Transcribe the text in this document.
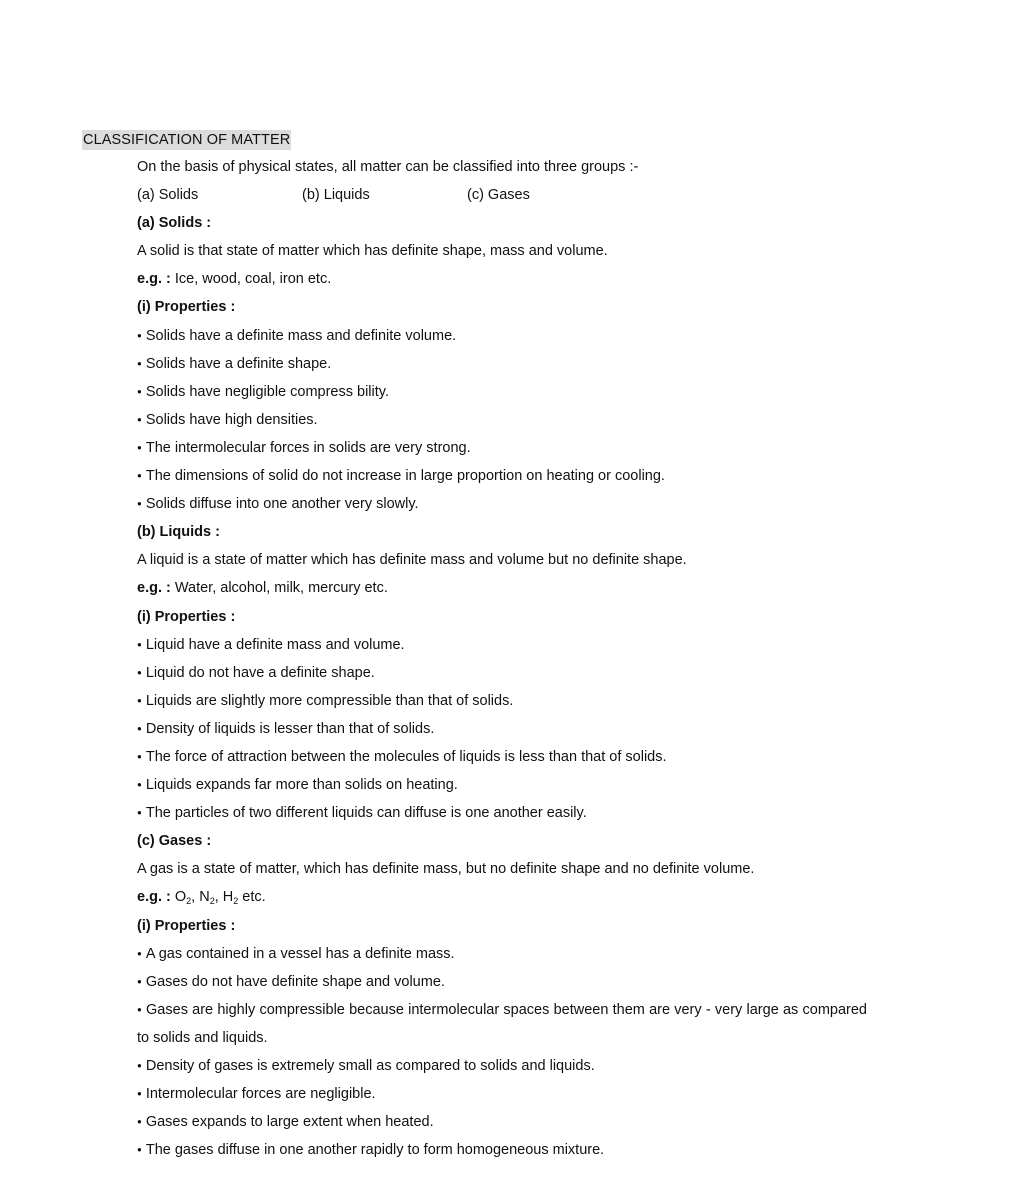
CLASSIFICATION OF MATTER
On the basis of physical states, all matter can be classified into three groups :-
(a) Solids	(b) Liquids	(c) Gases
(a) Solids :
A solid is that state of matter which has definite shape, mass and volume.
e.g. : Ice, wood, coal, iron etc.
(i) Properties :
● Solids have a definite mass and definite volume.
● Solids have a definite shape.
● Solids have negligible compress bility.
● Solids have high densities.
● The intermolecular forces in solids are very strong.
● The dimensions of solid do not increase in large proportion on heating or cooling.
● Solids diffuse into one another very slowly.
(b) Liquids :
A liquid is a state of matter which has definite mass and volume but no definite shape.
e.g. : Water, alcohol, milk, mercury etc.
(i) Properties :
● Liquid have a definite mass and volume.
● Liquid do not have a definite shape.
● Liquids are slightly more compressible than that of solids.
● Density of liquids is lesser than that of solids.
● The force of attraction between the molecules of liquids is less than that of solids.
● Liquids expands far more than solids on heating.
● The particles of two different liquids can diffuse is one another easily.
(c) Gases :
A gas is a state of matter, which has definite mass, but no definite shape and no definite volume.
e.g. : $O_2$, $N_2$, $H_2$ etc.
(i) Properties :
● A gas contained in a vessel has a definite mass.
● Gases do not have definite shape and volume.
● Gases are highly compressible because intermolecular spaces between them are very - very large as compared to solids and liquids.
● Density of gases is extremely small as compared to solids and liquids.
● Intermolecular forces are negligible.
● Gases expands to large extent when heated.
● The gases diffuse in one another rapidly to form homogeneous mixture.
